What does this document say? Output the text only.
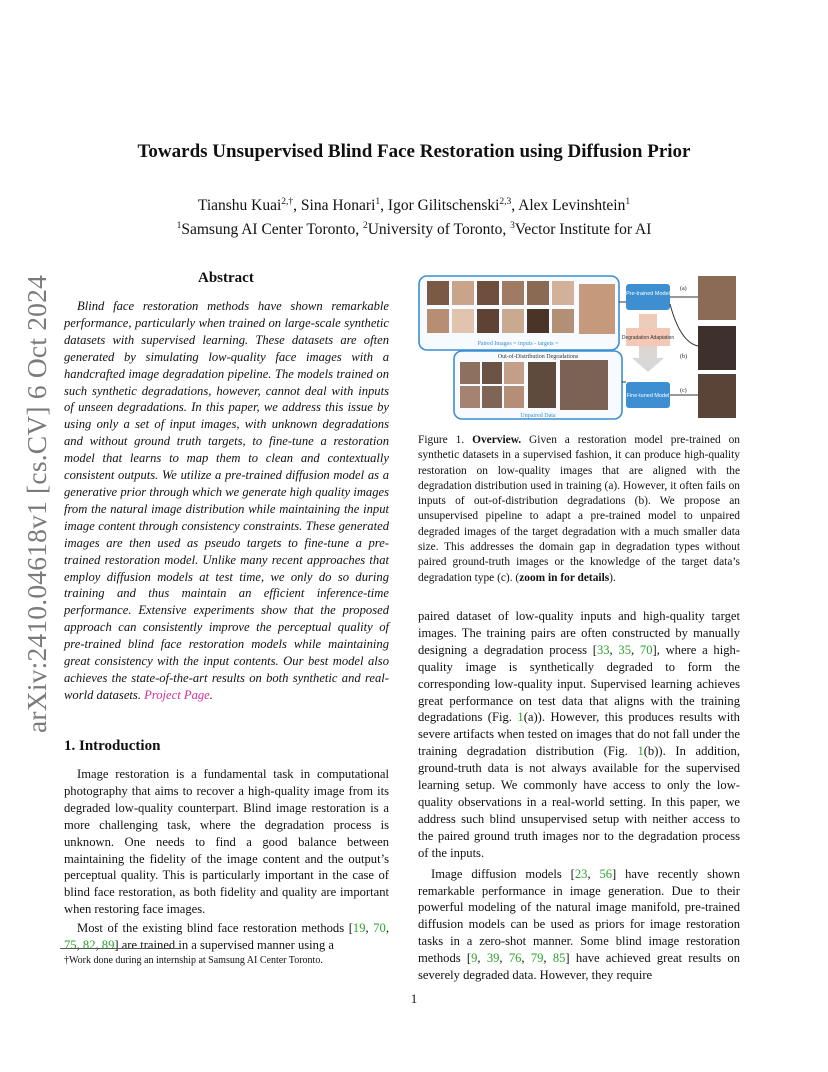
arXiv:2410.04618v1 [cs.CV] 6 Oct 2024
Towards Unsupervised Blind Face Restoration using Diffusion Prior
Tianshu Kuai$^{2,\dagger}$, Sina Honari$^1$, Igor Gilitschenski$^{2,3}$, Alex Levinshtein$^1$
$^1$Samsung AI Center Toronto, $^2$University of Toronto, $^3$Vector Institute for AI
Abstract

Blind face restoration methods have shown remarkable performance, particularly when trained on large-scale synthetic datasets with supervised learning. These datasets are often generated by simulating low-quality face images with a handcrafted image degradation pipeline. The models trained on such synthetic degradations, however, cannot deal with inputs of unseen degradations. In this paper, we address this issue by using only a set of input images, with unknown degradations and without ground truth targets, to fine-tune a restoration model that learns to map them to clean and contextually consistent outputs. We utilize a pre-trained diffusion model as a generative prior through which we generate high quality images from the natural image distribution while maintaining the input image content through consistency constraints. These generated images are then used as pseudo targets to fine-tune a pre-trained restoration model. Unlike many recent approaches that employ diffusion models at test time, we only do so during training and thus maintain an efficient inference-time performance. Extensive experiments show that the proposed approach can consistently improve the perceptual quality of pre-trained blind face restoration models while maintaining great consistency with the input contents. Our best model also achieves the state-of-the-art results on both synthetic and real-world datasets. Project Page.

1. Introduction

Image restoration is a fundamental task in computational photography that aims to recover a high-quality image from its degraded low-quality counterpart. Blind image restoration is a more challenging task, where the degradation process is unknown. One needs to find a good balance between maintaining the fidelity of the image content and the output’s perceptual quality. This is particularly important in the case of blind face restoration, as both fidelity and quality are important when restoring face images.

Most of the existing blind face restoration methods [19, 70, 75, 82, 89] are trained in a supervised manner using a

†Work done during an internship at Samsung AI Center Toronto.
Paired Images = inputs - targets =
Out-of-Distribution Degradations
Unpaired Data
Pre-trained Model
Degradation Adaptation
Fine-tuned Model
(a)
(b)
(c)
Figure 1. Overview. Given a restoration model pre-trained on synthetic datasets in a supervised fashion, it can produce high-quality restoration on low-quality images that are aligned with the degradation distribution used in training (a). However, it often fails on inputs of out-of-distribution degradations (b). We propose an unsupervised pipeline to adapt a pre-trained model to unpaired degraded images of the target degradation with a much smaller data size. This addresses the domain gap in degradation types without paired ground-truth images or the knowledge of the target data’s degradation type (c). (zoom in for details).

paired dataset of low-quality inputs and high-quality target images. The training pairs are often constructed by manually designing a degradation process [33, 35, 70], where a high-quality image is synthetically degraded to form the corresponding low-quality input. Supervised learning achieves great performance on test data that aligns with the training degradations (Fig. 1(a)). However, this produces results with severe artifacts when tested on images that do not fall under the training degradation distribution (Fig. 1(b)). In addition, ground-truth data is not always available for the supervised learning setup. We commonly have access to only the low-quality observations in a real-world setting. In this paper, we address such blind unsupervised setup with neither access to the paired ground truth images nor to the degradation process of the inputs.

Image diffusion models [23, 56] have recently shown remarkable performance in image generation. Due to their powerful modeling of the natural image manifold, pre-trained diffusion models can be used as priors for image restoration tasks in a zero-shot manner. Some blind image restoration methods [9, 39, 76, 79, 85] have achieved great results on severely degraded data. However, they require

1
